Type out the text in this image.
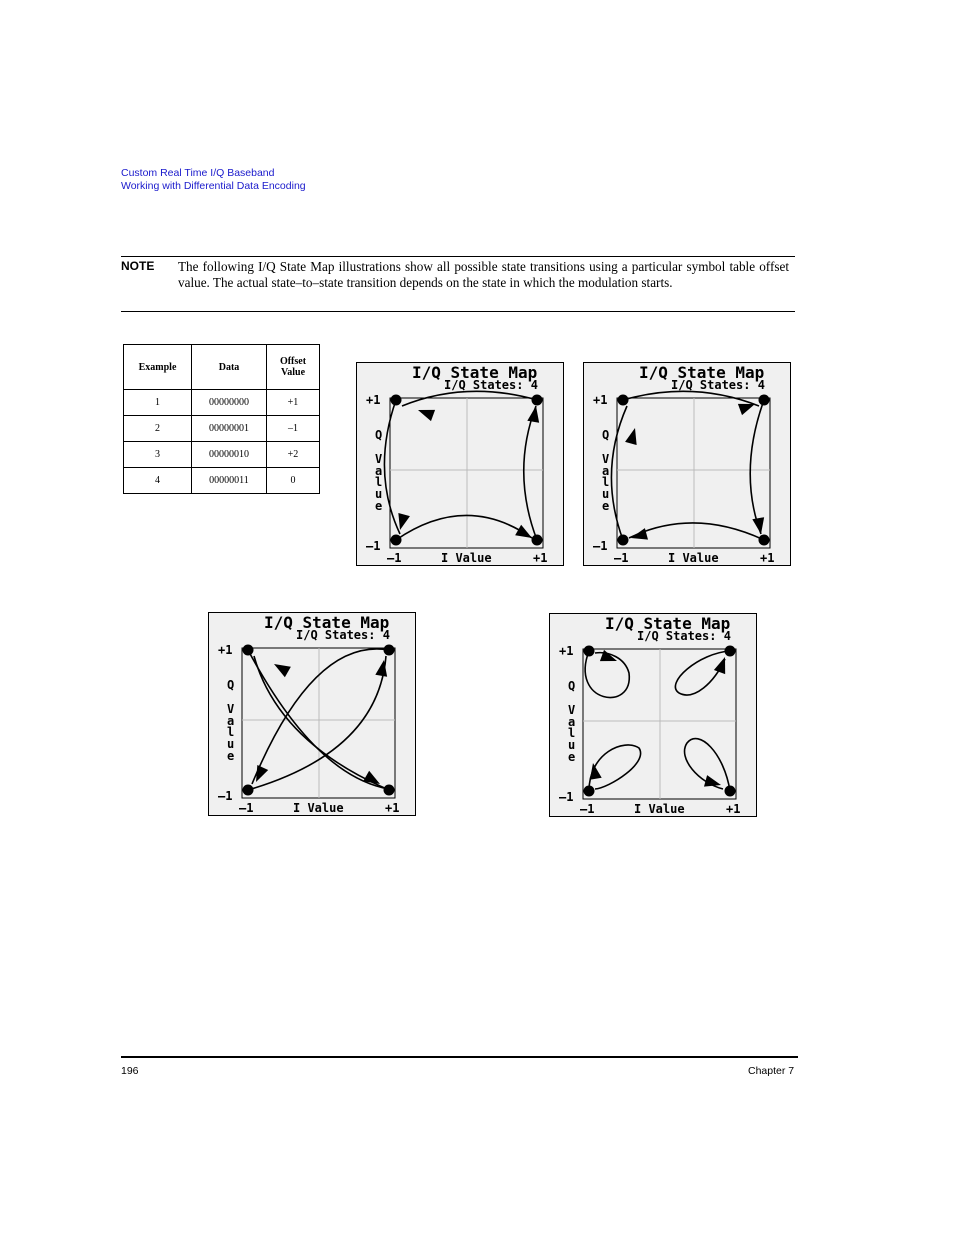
Custom Real Time I/Q Baseband
Working with Differential Data Encoding
NOTE The following I/Q State Map illustrations show all possible state transitions using a particular symbol table offset value. The actual state–to–state transition depends on the state in which the modulation starts.
Example	Data	Offset Value
1	00000000	+1
2	00000001	–1
3	00000010	+2
4	00000011	0
I/Q State Map
I/Q States: 4
+1
–1
Q
V
a
l
u
e
–1	I Value	+1
I/Q State Map
I/Q States: 4
+1
–1
Q
V
a
l
u
e
–1	I Value	+1
I/Q State Map
I/Q States: 4
+1
–1
Q
V
a
l
u
e
–1	I Value	+1
I/Q State Map
I/Q States: 4
+1
–1
Q
V
a
l
u
e
–1	I Value	+1
196	Chapter 7
